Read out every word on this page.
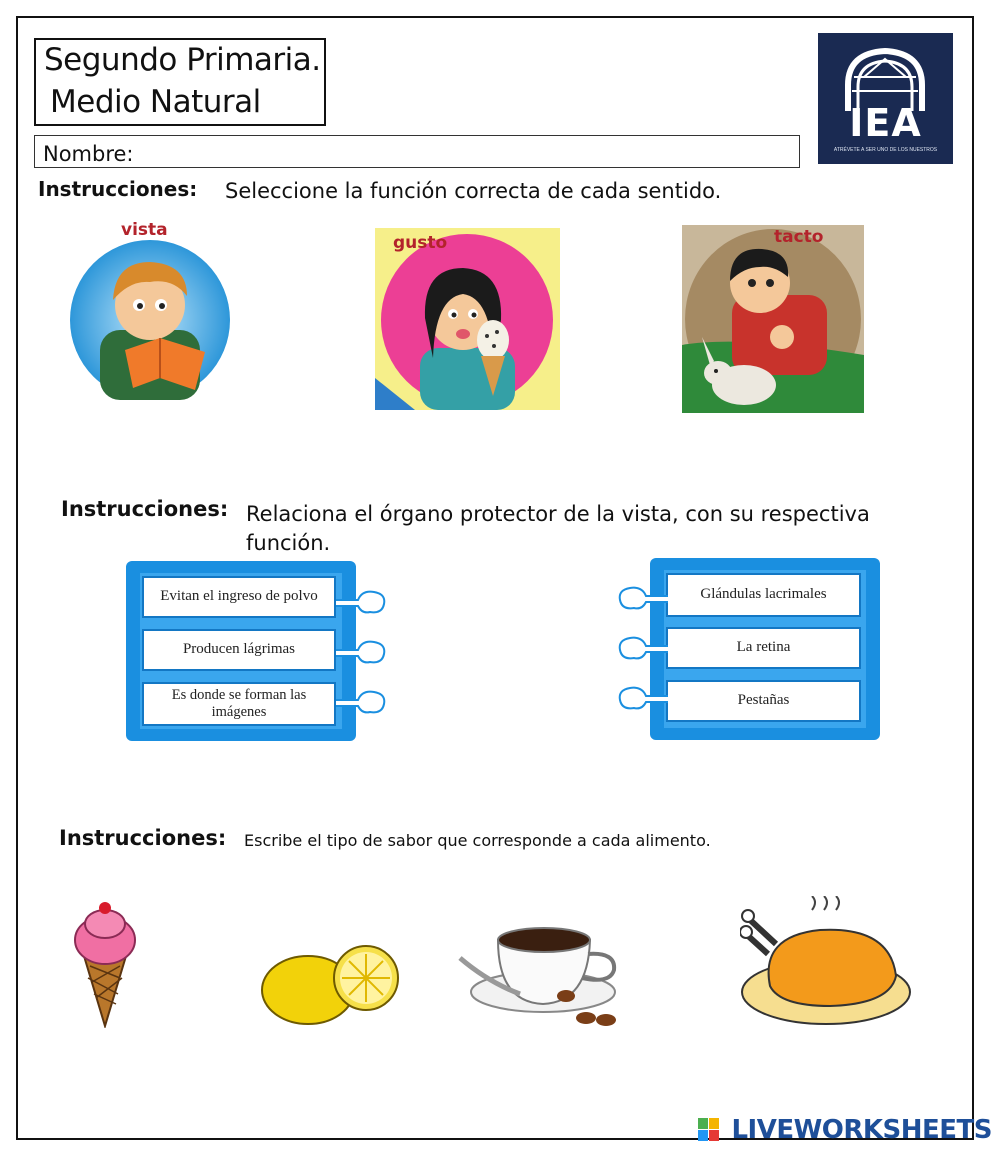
Segundo Primaria.
Medio Natural
Nombre:
IEA
ATRÉVETE A SER UNO DE LOS NUESTROS
Instrucciones: Seleccione la función correcta de cada sentido.
vista
gusto	tacto
Instrucciones: Relaciona el órgano protector de la vista, con su respectiva función.
Evitan el ingreso de polvo
Producen lágrimas
Es donde se forman las imágenes
Glándulas lacrimales
La retina
Pestañas
Instrucciones: Escribe el tipo de sabor que corresponde a cada alimento.
LIVEWORKSHEETS
